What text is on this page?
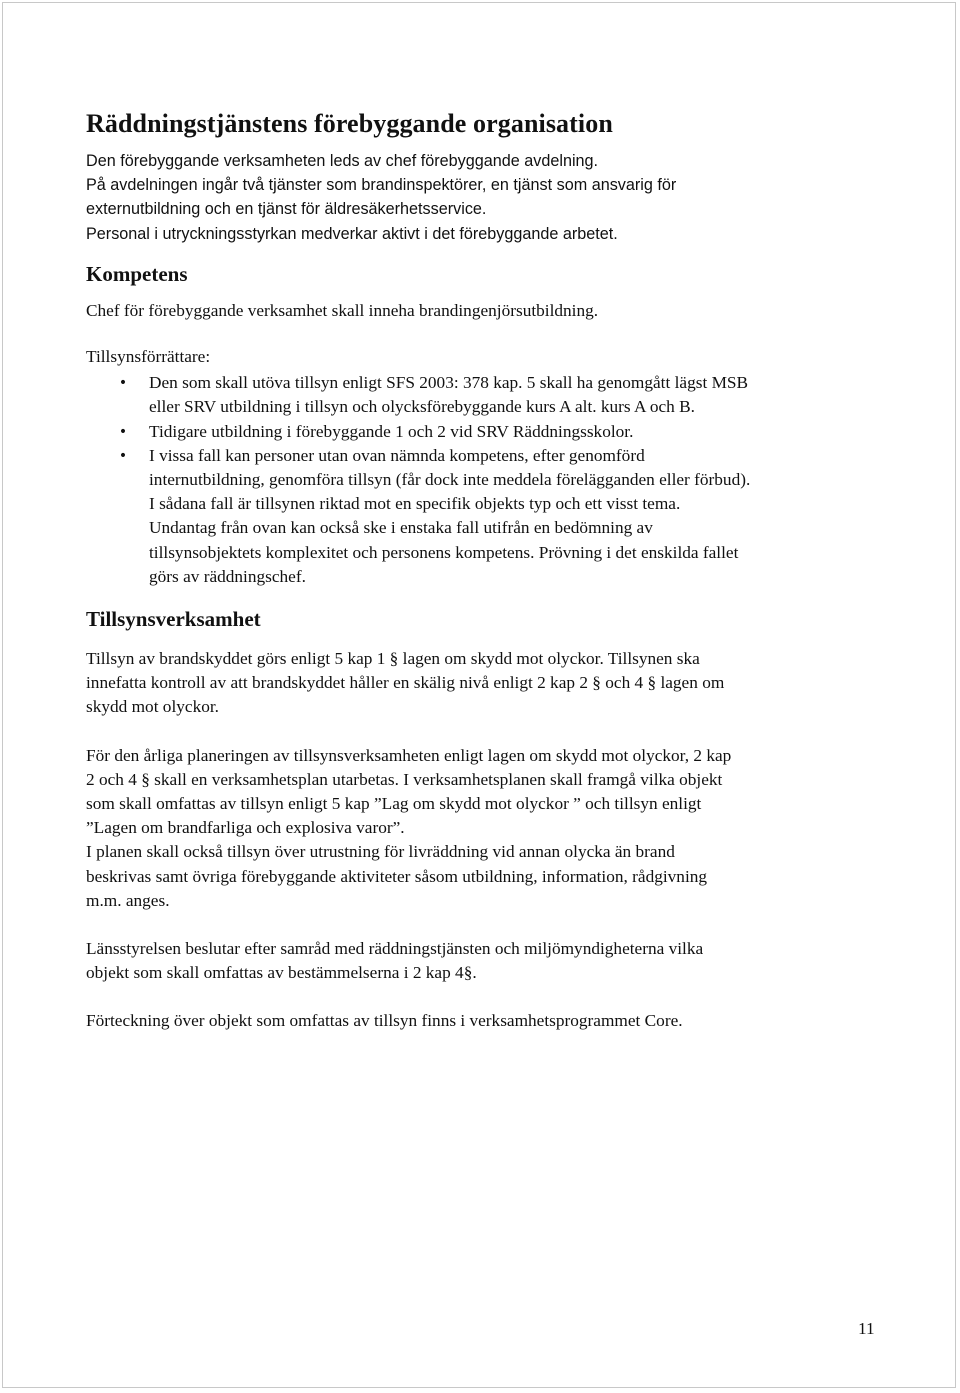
Räddningstjänstens förebyggande organisation
Den förebyggande verksamheten leds av chef förebyggande avdelning.
På avdelningen ingår två tjänster som brandinspektörer, en tjänst som ansvarig för
externutbildning och en tjänst för äldresäkerhetsservice.
Personal i utryckningsstyrkan medverkar aktivt i det förebyggande arbetet.
Kompetens
Chef för förebyggande verksamhet skall inneha brandingenjörsutbildning.
Tillsynsförrättare:
• Den som skall utöva tillsyn enligt SFS 2003: 378 kap. 5 skall ha genomgått lägst MSB
eller SRV utbildning i tillsyn och olycksförebyggande kurs A alt. kurs A och B.
• Tidigare utbildning i förebyggande 1 och 2 vid SRV Räddningsskolor.
• I vissa fall kan personer utan ovan nämnda kompetens, efter genomförd
internutbildning, genomföra tillsyn (får dock inte meddela förelägganden eller förbud).
I sådana fall är tillsynen riktad mot en specifik objekts typ och ett visst tema.
Undantag från ovan kan också ske i enstaka fall utifrån en bedömning av
tillsynsobjektets komplexitet och personens kompetens. Prövning i det enskilda fallet
görs av räddningschef.
Tillsynsverksamhet
Tillsyn av brandskyddet görs enligt 5 kap 1 § lagen om skydd mot olyckor. Tillsynen ska
innefatta kontroll av att brandskyddet håller en skälig nivå enligt 2 kap 2 § och 4 § lagen om
skydd mot olyckor.
För den årliga planeringen av tillsynsverksamheten enligt lagen om skydd mot olyckor, 2 kap
2 och 4 § skall en verksamhetsplan utarbetas. I verksamhetsplanen skall framgå vilka objekt
som skall omfattas av tillsyn enligt 5 kap ”Lag om skydd mot olyckor ” och tillsyn enligt
”Lagen om brandfarliga och explosiva varor”.
I planen skall också tillsyn över utrustning för livräddning vid annan olycka än brand
beskrivas samt övriga förebyggande aktiviteter såsom utbildning, information, rådgivning
m.m. anges.
Länsstyrelsen beslutar efter samråd med räddningstjänsten och miljömyndigheterna vilka
objekt som skall omfattas av bestämmelserna i 2 kap 4§.
Förteckning över objekt som omfattas av tillsyn finns i verksamhetsprogrammet Core.
11
